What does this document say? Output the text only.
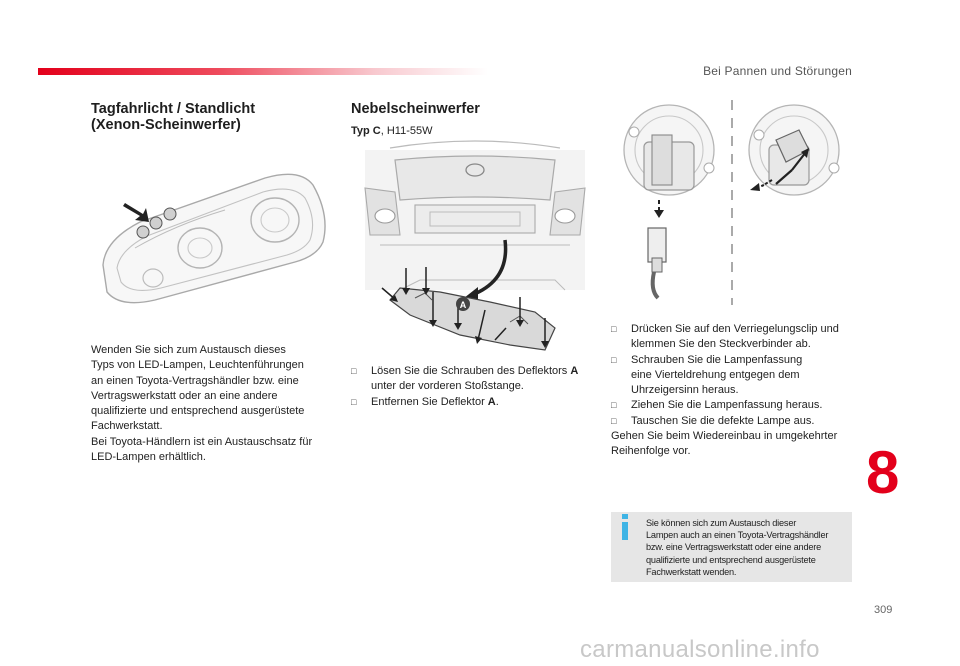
Bei Pannen und Störungen
Tagfahrlicht / Standlicht
(Xenon-Scheinwerfer)

Wenden Sie sich zum Austausch dieses

Typs von LED-Lampen, Leuchtenführungen

an einen Toyota-Vertragshändler bzw. eine

Vertragswerkstatt oder an eine andere

qualifizierte und entsprechend ausgerüstete

Fachwerkstatt.

Bei Toyota-Händlern ist ein Austauschsatz für

LED-Lampen erhältlich.

Nebelscheinwerfer
Typ C, H11-55W
A

□ Lösen Sie die Schrauben des Deflektors A
unter der vorderen Stoßstange.

□ Entfernen Sie Deflektor A.

□ Drücken Sie auf den Verriegelungsclip und
klemmen Sie den Steckverbinder ab.

□ Schrauben Sie die Lampenfassung
eine Vierteldrehung entgegen dem
Uhrzeigersinn heraus.

□ Ziehen Sie die Lampenfassung heraus.

□ Tauschen Sie die defekte Lampe aus.

Gehen Sie beim Wiedereinbau in umgekehrter

Reihenfolge vor.	8
Sie können sich zum Austausch dieser
Lampen auch an einen Toyota-Vertragshändler
bzw. eine Vertragswerkstatt oder eine andere
qualifizierte und entsprechend ausgerüstete
Fachwerkstatt wenden.
309
carmanualsonline.info
